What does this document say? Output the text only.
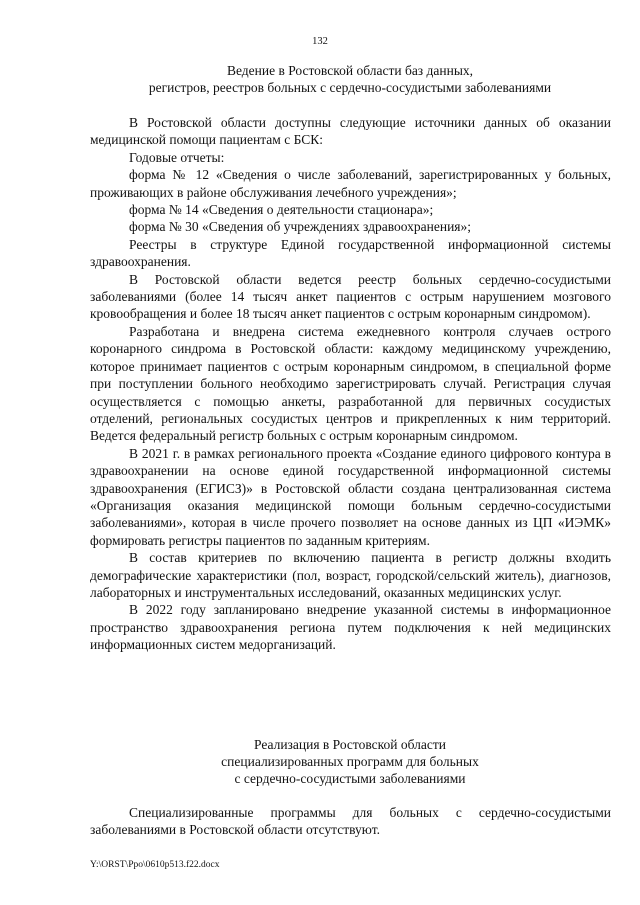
132
Ведение в Ростовской области баз данных,
регистров, реестров больных с сердечно-сосудистыми заболеваниями

В Ростовской области доступны следующие источники данных об оказании медицинской помощи пациентам с БСК:

Годовые отчеты:

форма № 12 «Сведения о числе заболеваний, зарегистрированных у больных, проживающих в районе обслуживания лечебного учреждения»;

форма № 14 «Сведения о деятельности стационара»;

форма № 30 «Сведения об учреждениях здравоохранения»;

Реестры в структуре Единой государственной информационной системы здравоохранения.

В Ростовской области ведется реестр больных сердечно-сосудистыми заболеваниями (более 14 тысяч анкет пациентов с острым нарушением мозгового кровообращения и более 18 тысяч анкет пациентов с острым коронарным синдромом).

Разработана и внедрена система ежедневного контроля случаев острого коронарного синдрома в Ростовской области: каждому медицинскому учреждению, которое принимает пациентов с острым коронарным синдромом, в специальной форме при поступлении больного необходимо зарегистрировать случай. Регистрация случая осуществляется с помощью анкеты, разработанной для первичных сосудистых отделений, региональных сосудистых центров и прикрепленных к ним территорий. Ведется федеральный регистр больных с острым коронарным синдромом.

В 2021 г. в рамках регионального проекта «Создание единого цифрового контура в здравоохранении на основе единой государственной информационной системы здравоохранения (ЕГИСЗ)» в Ростовской области создана централизованная система «Организация оказания медицинской помощи больным сердечно-сосудистыми заболеваниями», которая в числе прочего позволяет на основе данных из ЦП «ИЭМК» формировать регистры пациентов по заданным критериям.

В состав критериев по включению пациента в регистр должны входить демографические характеристики (пол, возраст, городской/сельский житель), диагнозов, лабораторных и инструментальных исследований, оказанных медицинских услуг.

В 2022 году запланировано внедрение указанной системы в информационное пространство здравоохранения региона путем подключения к ней медицинских информационных систем медорганизаций.

Реализация в Ростовской области
специализированных программ для больных
с сердечно-сосудистыми заболеваниями

Специализированные программы для больных с сердечно-сосудистыми заболеваниями в Ростовской области отсутствуют.

Y:\ORST\Ppo\0610p513.f22.docx
